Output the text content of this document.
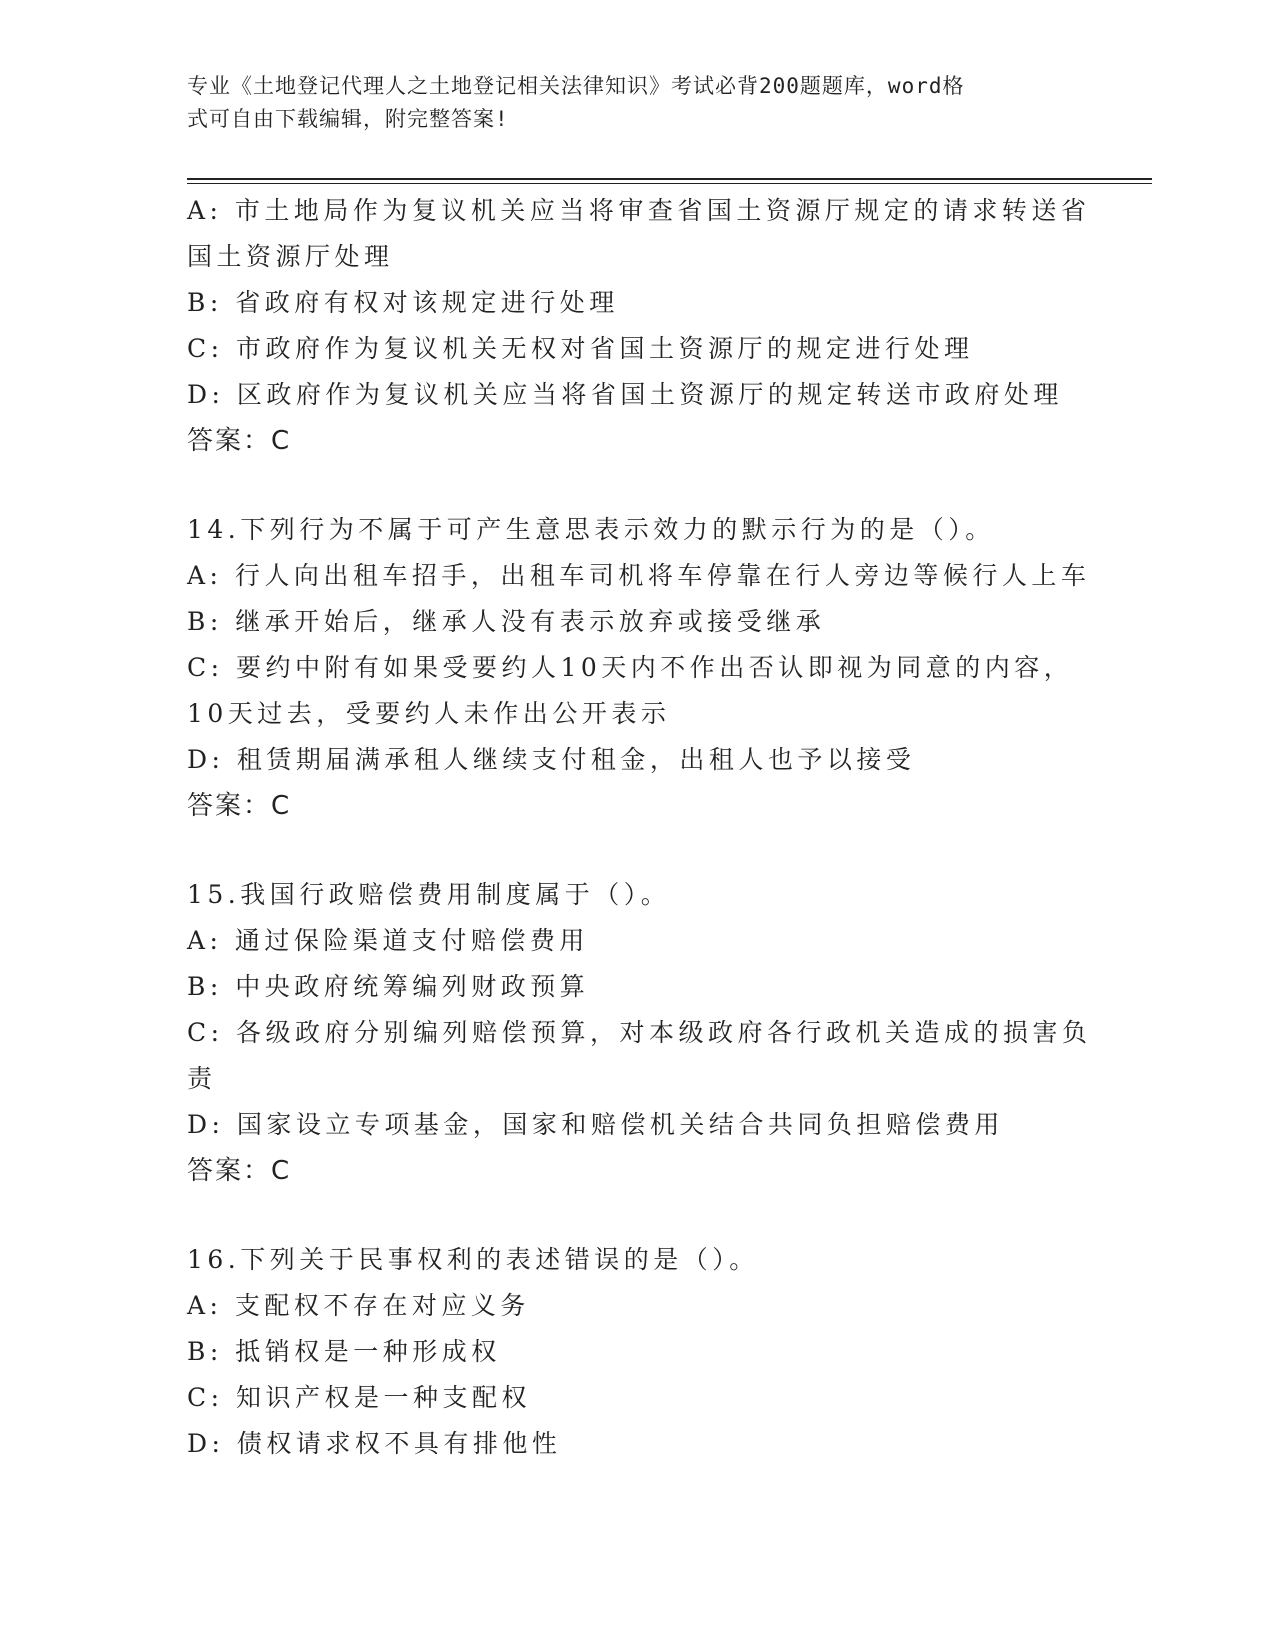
专业《土地登记代理人之土地登记相关法律知识》考试必背200题题库，word格
式可自由下载编辑，附完整答案!
A: 市土地局作为复议机关应当将审查省国土资源厅规定的请求转送省
国土资源厅处理
B: 省政府有权对该规定进行处理
C: 市政府作为复议机关无权对省国土资源厅的规定进行处理
D: 区政府作为复议机关应当将省国土资源厅的规定转送市政府处理
答案：C
14.下列行为不属于可产生意思表示效力的默示行为的是（）。
A: 行人向出租车招手，出租车司机将车停靠在行人旁边等候行人上车
B: 继承开始后，继承人没有表示放弃或接受继承
C: 要约中附有如果受要约人10天内不作出否认即视为同意的内容，
10天过去，受要约人未作出公开表示
D: 租赁期届满承租人继续支付租金，出租人也予以接受
答案：C
15.我国行政赔偿费用制度属于（）。
A: 通过保险渠道支付赔偿费用
B: 中央政府统筹编列财政预算
C: 各级政府分别编列赔偿预算，对本级政府各行政机关造成的损害负
责
D: 国家设立专项基金，国家和赔偿机关结合共同负担赔偿费用
答案：C
16.下列关于民事权利的表述错误的是（）。
A: 支配权不存在对应义务
B: 抵销权是一种形成权
C: 知识产权是一种支配权
D: 债权请求权不具有排他性
